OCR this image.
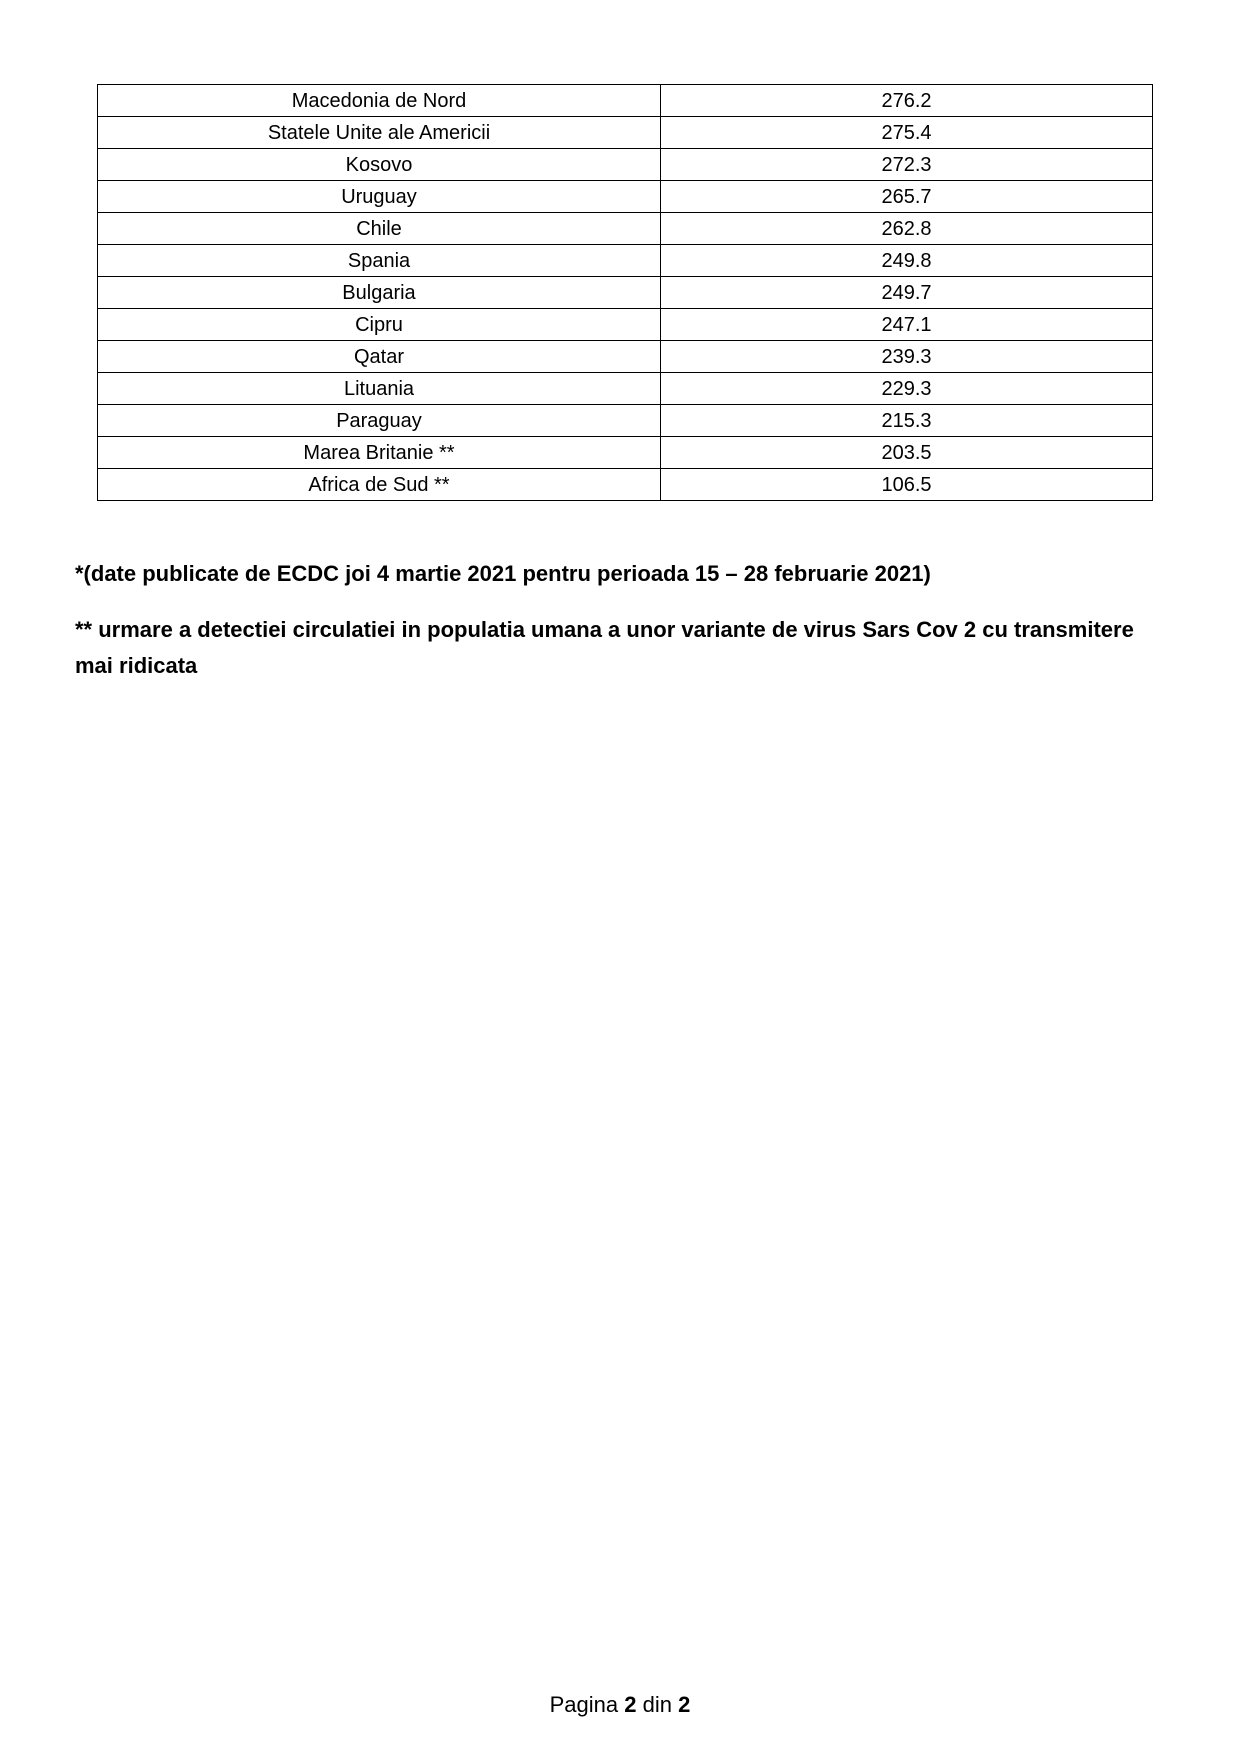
Macedonia de Nord	276.2
Statele Unite ale Americii	275.4
Kosovo	272.3
Uruguay	265.7
Chile	262.8
Spania	249.8
Bulgaria	249.7
Cipru	247.1
Qatar	239.3
Lituania	229.3
Paraguay	215.3
Marea Britanie **	203.5
Africa de Sud **	106.5

*(date publicate de ECDC joi 4 martie 2021 pentru perioada 15 – 28 februarie 2021)

** urmare a detectiei circulatiei in populatia umana a unor variante de virus Sars Cov 2 cu transmitere mai ridicata

Pagina 2 din 2
